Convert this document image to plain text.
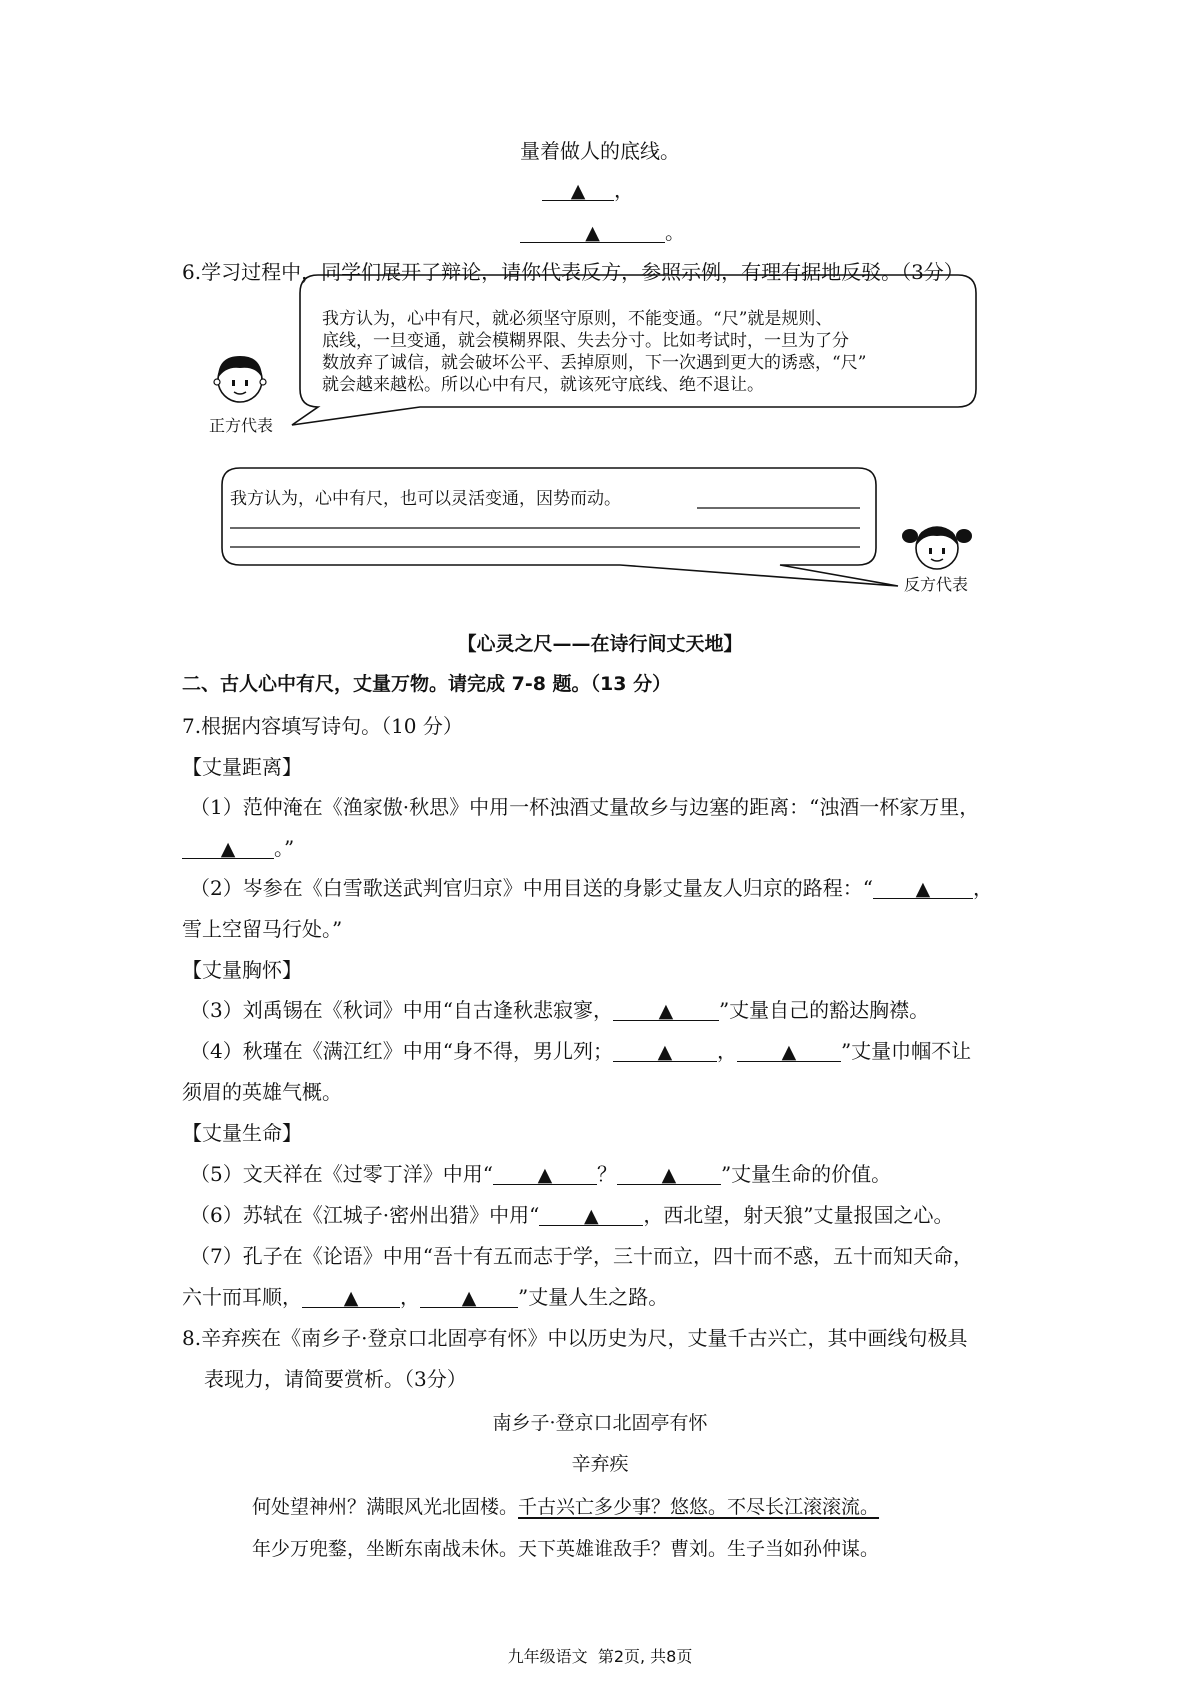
量着做人的底线。
▲ ，
▲	。
6.学习过程中，同学们展开了辩论，请你代表反方，参照示例，有理有据地反驳。（3分）
我方认为，心中有尺，就必须坚守原则，不能变通。“尺”就是规则、
底线，一旦变通，就会模糊界限、失去分寸。比如考试时，一旦为了分
数放弃了诚信，就会破坏公平、丢掉原则，下一次遇到更大的诱惑，“尺”
就会越来越松。所以心中有尺，就该死守底线、绝不退让。
正方代表
我方认为，心中有尺，也可以灵活变通，因势而动。
反方代表
【心灵之尺——在诗行间丈天地】
二、古人心中有尺，丈量万物。请完成 7-8 题。（13 分）
7.根据内容填写诗句。（10 分）
【丈量距离】
（1）范仲淹在《渔家傲·秋思》中用一杯浊酒丈量故乡与边塞的距离：“浊酒一杯家万里，
▲ 。”
（2）岑参在《白雪歌送武判官归京》中用目送的身影丈量友人归京的路程：“ ▲ ，
雪上空留马行处。”
【丈量胸怀】
（3）刘禹锡在《秋词》中用“自古逢秋悲寂寥， ▲ ”丈量自己的豁达胸襟。
（4）秋瑾在《满江红》中用“身不得，男儿列； ▲ ， ▲ ”丈量巾帼不让
须眉的英雄气概。
【丈量生命】
（5）文天祥在《过零丁洋》中用“ ▲ ？ ▲ ”丈量生命的价值。
（6）苏轼在《江城子·密州出猎》中用“ ▲ ，西北望，射天狼”丈量报国之心。
（7）孔子在《论语》中用“吾十有五而志于学，三十而立，四十而不惑，五十而知天命，
六十而耳顺， ▲ ， ▲ ”丈量人生之路。
8.辛弃疾在《南乡子·登京口北固亭有怀》中以历史为尺，丈量千古兴亡，其中画线句极具
表现力，请简要赏析。（3分）
南乡子·登京口北固亭有怀
辛弃疾
何处望神州？满眼风光北固楼。千古兴亡多少事？悠悠。不尽长江滚滚流。
年少万兜鍪，坐断东南战未休。天下英雄谁敌手？曹刘。生子当如孙仲谋。
九年级语文  第2页, 共8页
